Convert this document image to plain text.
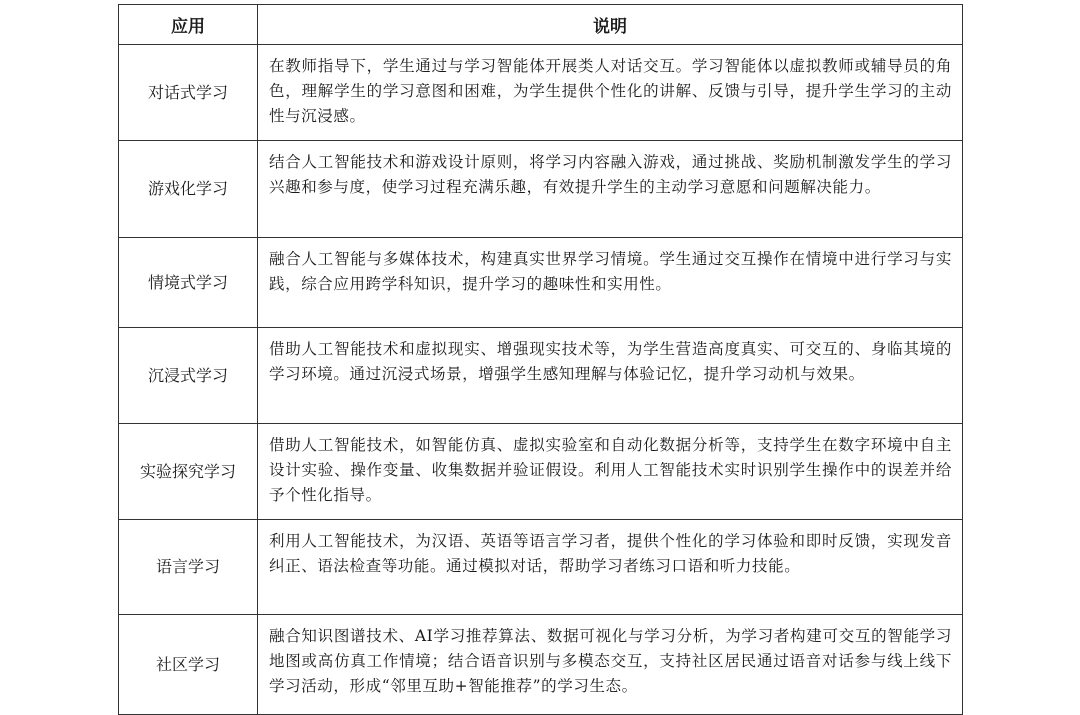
应用	说明
对话式学习	在教师指导下，学生通过与学习智能体开展类人对话交互。学习智能体以虚拟教师或辅导员的角色，理解学生的学习意图和困难，为学生提供个性化的讲解、反馈与引导，提升学生学习的主动性与沉浸感。
游戏化学习	结合人工智能技术和游戏设计原则，将学习内容融入游戏，通过挑战、奖励机制激发学生的学习兴趣和参与度，使学习过程充满乐趣，有效提升学生的主动学习意愿和问题解决能力。
情境式学习	融合人工智能与多媒体技术，构建真实世界学习情境。学生通过交互操作在情境中进行学习与实践，综合应用跨学科知识，提升学习的趣味性和实用性。
沉浸式学习	借助人工智能技术和虚拟现实、增强现实技术等，为学生营造高度真实、可交互的、身临其境的学习环境。通过沉浸式场景，增强学生感知理解与体验记忆，提升学习动机与效果。
实验探究学习	借助人工智能技术，如智能仿真、虚拟实验室和自动化数据分析等，支持学生在数字环境中自主设计实验、操作变量、收集数据并验证假设。利用人工智能技术实时识别学生操作中的误差并给予个性化指导。
语言学习	利用人工智能技术，为汉语、英语等语言学习者，提供个性化的学习体验和即时反馈，实现发音纠正、语法检查等功能。通过模拟对话，帮助学习者练习口语和听力技能。
社区学习	融合知识图谱技术、AI学习推荐算法、数据可视化与学习分析，为学习者构建可交互的智能学习地图或高仿真工作情境；结合语音识别与多模态交互，支持社区居民通过语音对话参与线上线下学习活动，形成“邻里互助+智能推荐”的学习生态。
